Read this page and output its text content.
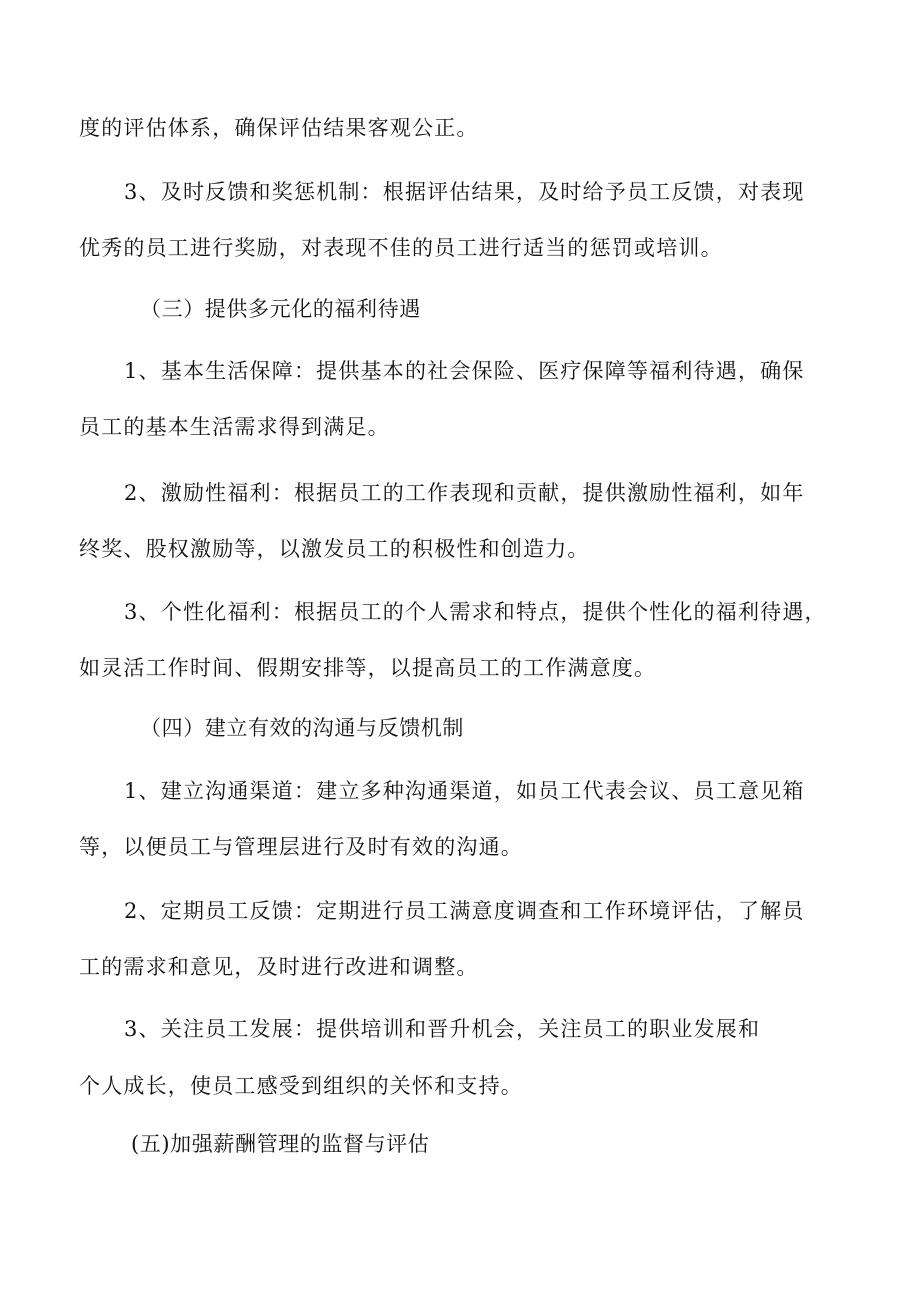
度的评估体系，确保评估结果客观公正。
3、及时反馈和奖惩机制：根据评估结果，及时给予员工反馈，对表现
优秀的员工进行奖励，对表现不佳的员工进行适当的惩罚或培训。
（三）提供多元化的福利待遇
1、基本生活保障：提供基本的社会保险、医疗保障等福利待遇，确保
员工的基本生活需求得到满足。
2、激励性福利：根据员工的工作表现和贡献，提供激励性福利，如年
终奖、股权激励等，以激发员工的积极性和创造力。
3、个性化福利：根据员工的个人需求和特点，提供个性化的福利待遇，
如灵活工作时间、假期安排等，以提高员工的工作满意度。
（四）建立有效的沟通与反馈机制
1、建立沟通渠道：建立多种沟通渠道，如员工代表会议、员工意见箱
等，以便员工与管理层进行及时有效的沟通。
2、定期员工反馈：定期进行员工满意度调查和工作环境评估，了解员
工的需求和意见，及时进行改进和调整。
3、关注员工发展：提供培训和晋升机会，关注员工的职业发展和
个人成长，使员工感受到组织的关怀和支持。
(五)加强薪酬管理的监督与评估
